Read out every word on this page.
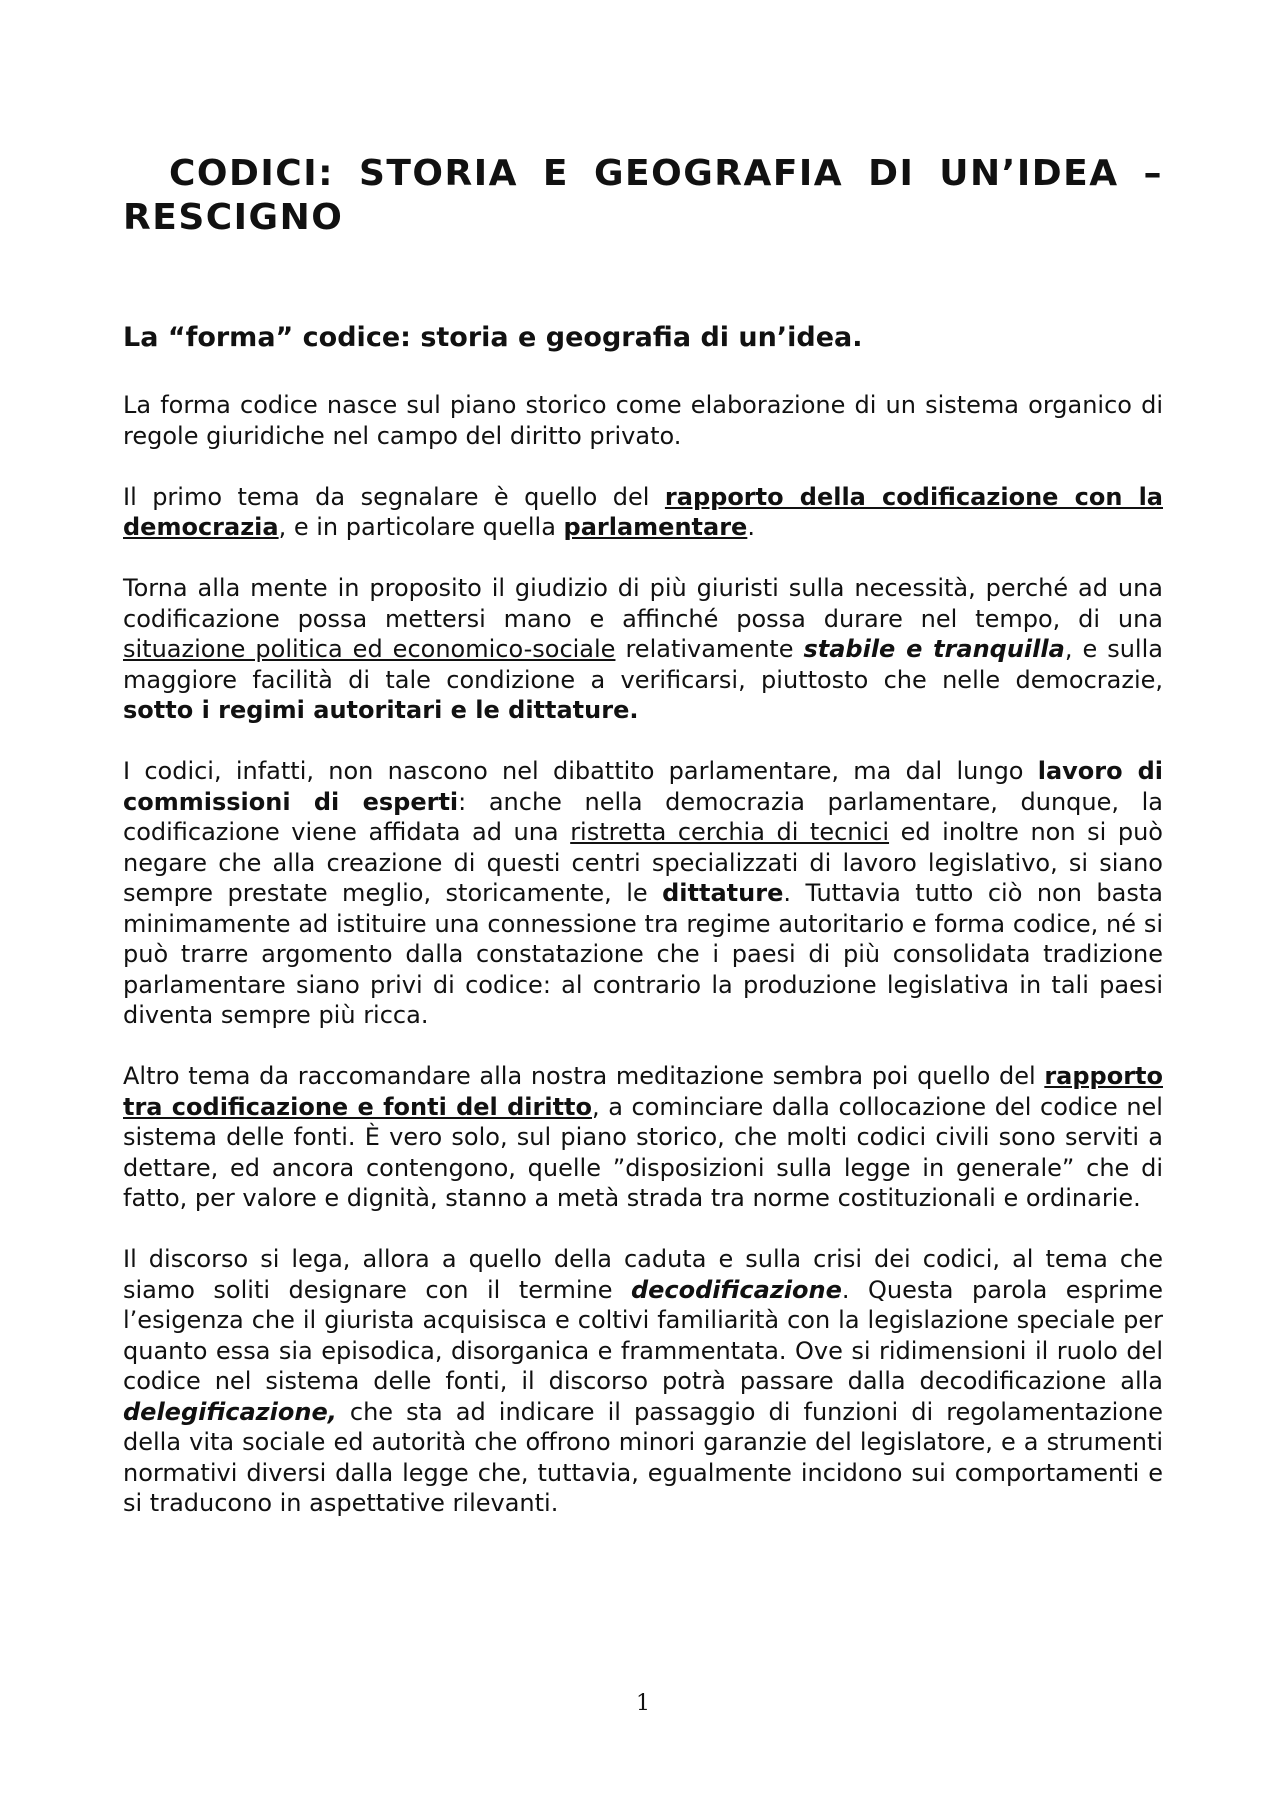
CODICI: STORIA E GEOGRAFIA DI UN’IDEA – RESCIGNO
La “forma” codice: storia e geografia di un’idea.

La forma codice nasce sul piano storico come elaborazione di un sistema organico di regole giuridiche nel campo del diritto privato.

Il primo tema da segnalare è quello del rapporto della codificazione con la democrazia, e in particolare quella parlamentare.

Torna alla mente in proposito il giudizio di più giuristi sulla necessità, perché ad una codificazione possa mettersi mano e affinché possa durare nel tempo, di una situazione politica ed economico-sociale relativamente stabile e tranquilla, e sulla maggiore facilità di tale condizione a verificarsi, piuttosto che nelle democrazie, sotto i regimi autoritari e le dittature.

I codici, infatti, non nascono nel dibattito parlamentare, ma dal lungo lavoro di commissioni di esperti: anche nella democrazia parlamentare, dunque, la codificazione viene affidata ad una ristretta cerchia di tecnici ed inoltre non si può negare che alla creazione di questi centri specializzati di lavoro legislativo, si siano sempre prestate meglio, storicamente, le dittature. Tuttavia tutto ciò non basta minimamente ad istituire una connessione tra regime autoritario e forma codice, né si può trarre argomento dalla constatazione che i paesi di più consolidata tradizione parlamentare siano privi di codice: al contrario la produzione legislativa in tali paesi diventa sempre più ricca.

Altro tema da raccomandare alla nostra meditazione sembra poi quello del rapporto tra codificazione e fonti del diritto, a cominciare dalla collocazione del codice nel sistema delle fonti. È vero solo, sul piano storico, che molti codici civili sono serviti a dettare, ed ancora contengono, quelle ”disposizioni sulla legge in generale” che di fatto, per valore e dignità, stanno a metà strada tra norme costituzionali e ordinarie.

Il discorso si lega, allora a quello della caduta e sulla crisi dei codici, al tema che siamo soliti designare con il termine decodificazione. Questa parola esprime l’esigenza che il giurista acquisisca e coltivi familiarità con la legislazione speciale per quanto essa sia episodica, disorganica e frammentata. Ove si ridimensioni il ruolo del codice nel sistema delle fonti, il discorso potrà passare dalla decodificazione alla delegificazione, che sta ad indicare il passaggio di funzioni di regolamentazione della vita sociale ed autorità che offrono minori garanzie del legislatore, e a strumenti normativi diversi dalla legge che, tuttavia, egualmente incidono sui comportamenti e si traducono in aspettative rilevanti.

1
